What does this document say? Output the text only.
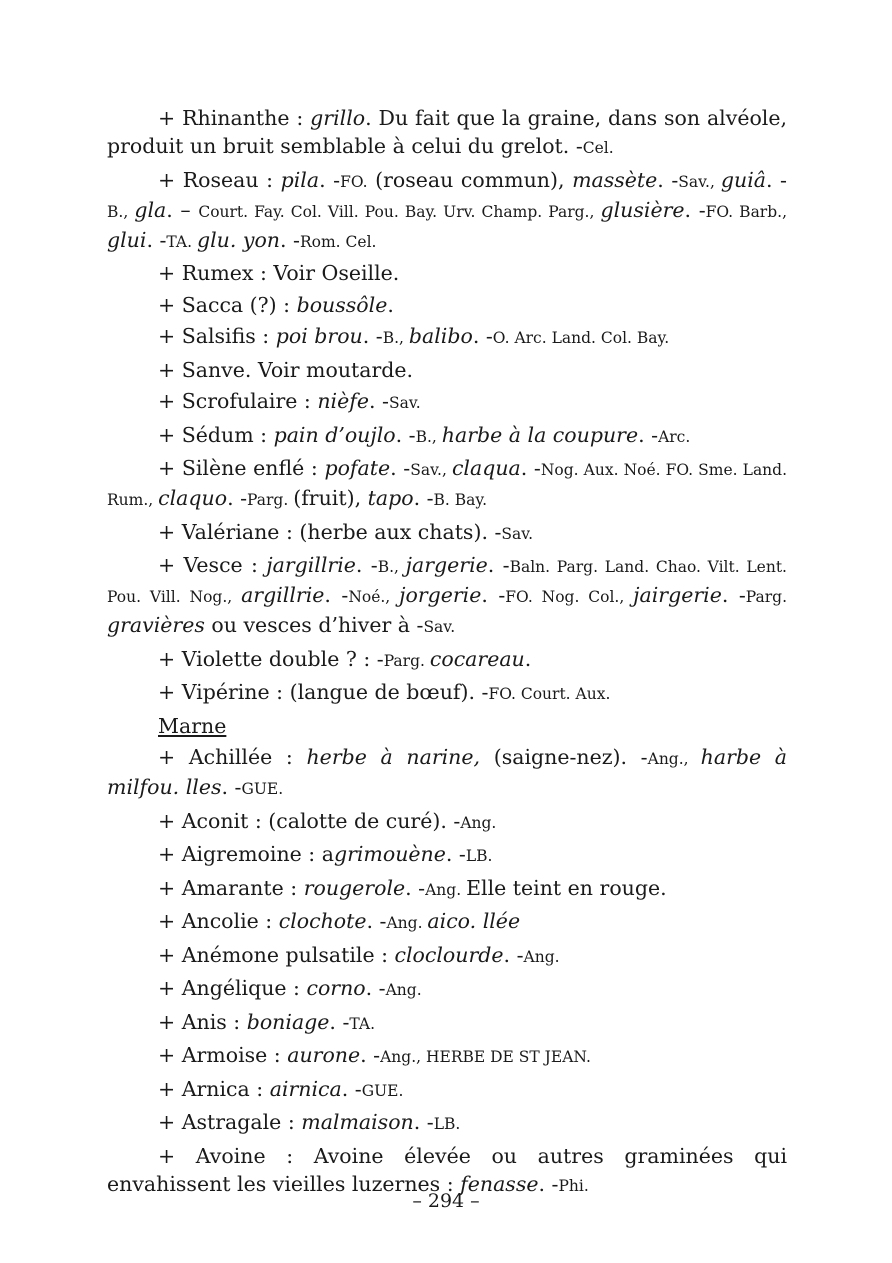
+ Rhinanthe : grillo. Du fait que la graine, dans son alvéole, produit un bruit semblable à celui du grelot. -Cel.

+ Roseau : pila. -FO. (roseau commun), massète. -Sav., guiâ. -B., gla. – Court. Fay. Col. Vill. Pou. Bay. Urv. Champ. Parg., glusière. -FO. Barb., glui. -TA. glu. yon. -Rom. Cel.

+ Rumex : Voir Oseille.

+ Sacca (?) : boussôle.

+ Salsifis : poi brou. -B., balibo. -O. Arc. Land. Col. Bay.

+ Sanve. Voir moutarde.

+ Scrofulaire : nièfe. -Sav.

+ Sédum : pain d’oujlo. -B., harbe à la coupure. -Arc.

+ Silène enflé : pofate. -Sav., claqua. -Nog. Aux. Noé. FO. Sme. Land. Rum., claquo. -Parg. (fruit), tapo. -B. Bay.

+ Valériane : (herbe aux chats). -Sav.

+ Vesce : jargillrie. -B., jargerie. -Baln. Parg. Land. Chao. Vilt. Lent. Pou. Vill. Nog., argillrie. -Noé., jorgerie. -FO. Nog. Col., jairgerie. -Parg. gravières ou vesces d’hiver à -Sav.

+ Violette double ? : -Parg. cocareau.

+ Vipérine : (langue de bœuf). -FO. Court. Aux.

Marne

+ Achillée : herbe à narine, (saigne-nez). -Ang., harbe à milfou. lles. -GUE.

+ Aconit : (calotte de curé). -Ang.

+ Aigremoine : agrimouène. -LB.

+ Amarante : rougerole. -Ang. Elle teint en rouge.

+ Ancolie : clochote. -Ang. aico. llée

+ Anémone pulsatile : cloclourde. -Ang.

+ Angélique : corno. -Ang.

+ Anis : boniage. -TA.

+ Armoise : aurone. -Ang., HERBE DE ST JEAN.

+ Arnica : airnica. -GUE.

+ Astragale : malmaison. -LB.

+ Avoine : Avoine élevée ou autres graminées qui envahissent les vieilles luzernes : fenasse. -Phi.

– 294 –
